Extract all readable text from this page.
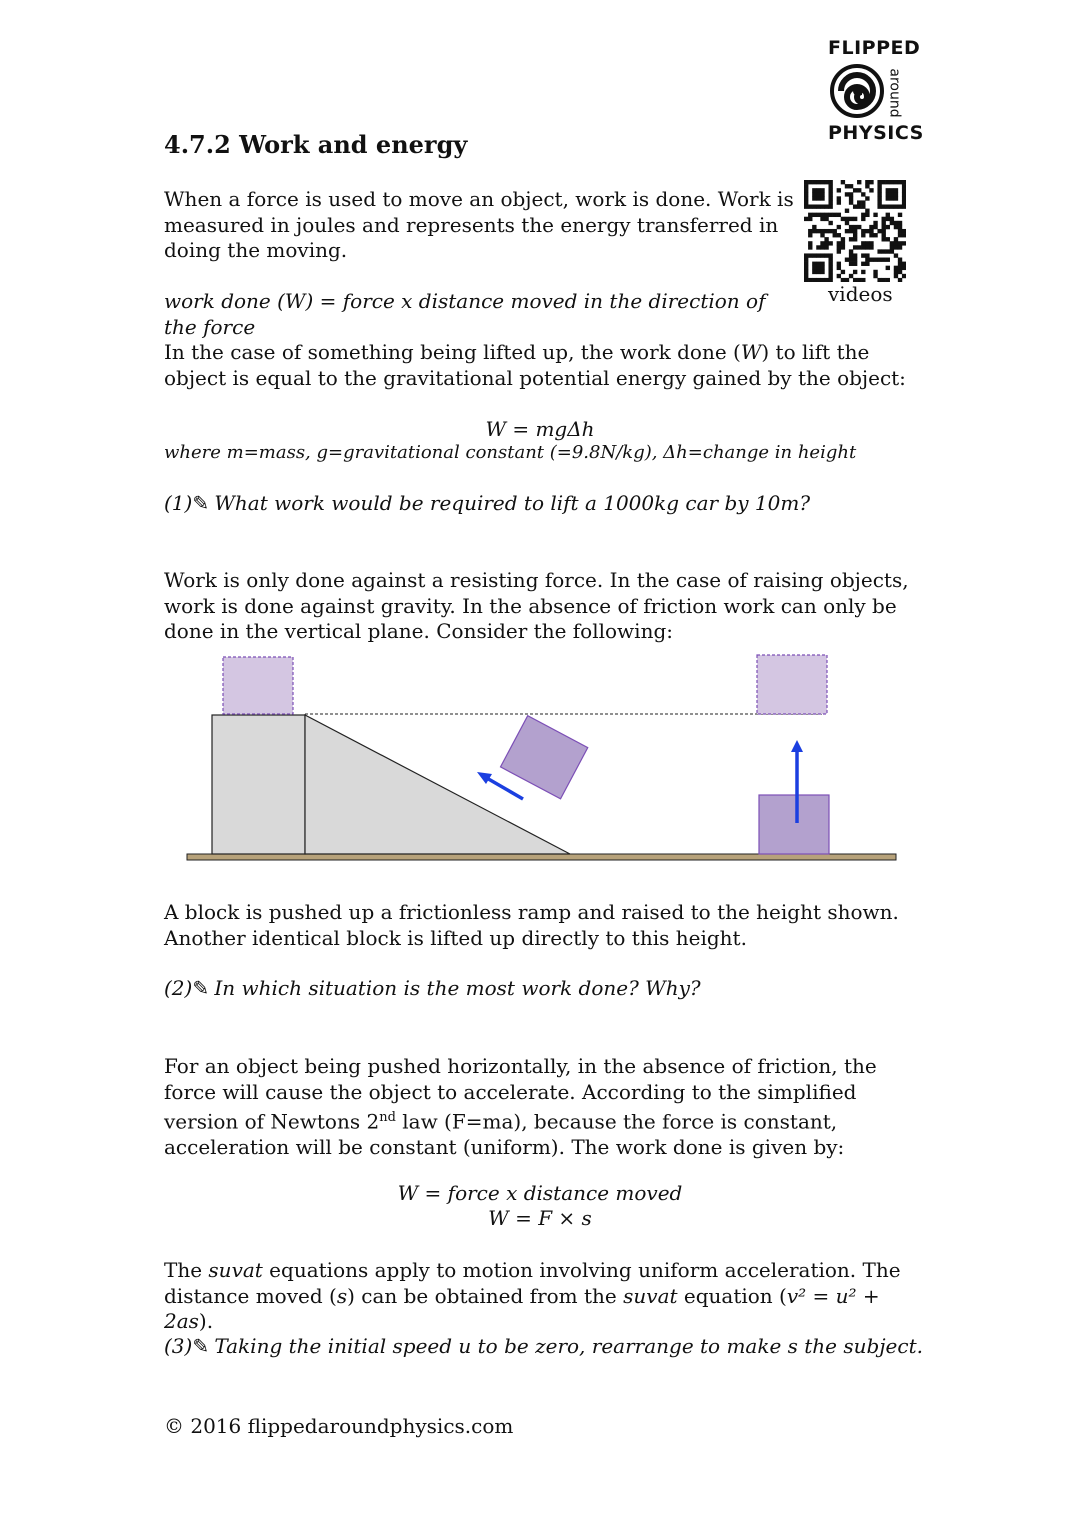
FLIPPED
around
PHYSICS
videos
4.7.2 Work and energy

When a force is used to move an object, work is done. Work is measured in joules and represents the energy transferred in doing the moving.

work done (W) = force x distance moved in the direction of the force

In the case of something being lifted up, the work done (W) to lift the object is equal to the gravitational potential energy gained by the object:

W = mgΔh
where m=mass, g=gravitational constant (=9.8N/kg), Δh=change in height
(1)✎ What work would be required to lift a 1000kg car by 10m?

Work is only done against a resisting force. In the case of raising objects, work is done against gravity. In the absence of friction work can only be done in the vertical plane. Consider the following:

A block is pushed up a frictionless ramp and raised to the height shown. Another identical block is lifted up directly to this height.

(2)✎ In which situation is the most work done? Why?

For an object being pushed horizontally, in the absence of friction, the force will cause the object to accelerate. According to the simplified version of Newtons 2nd law (F=ma), because the force is constant, acceleration will be constant (uniform). The work done is given by:

W = force x distance moved
W = F × s

The suvat equations apply to motion involving uniform acceleration. The distance moved (s) can be obtained from the suvat equation (v² = u² + 2as).

(3)✎ Taking the initial speed u to be zero, rearrange to make s the subject.
© 2016 flippedaroundphysics.com
